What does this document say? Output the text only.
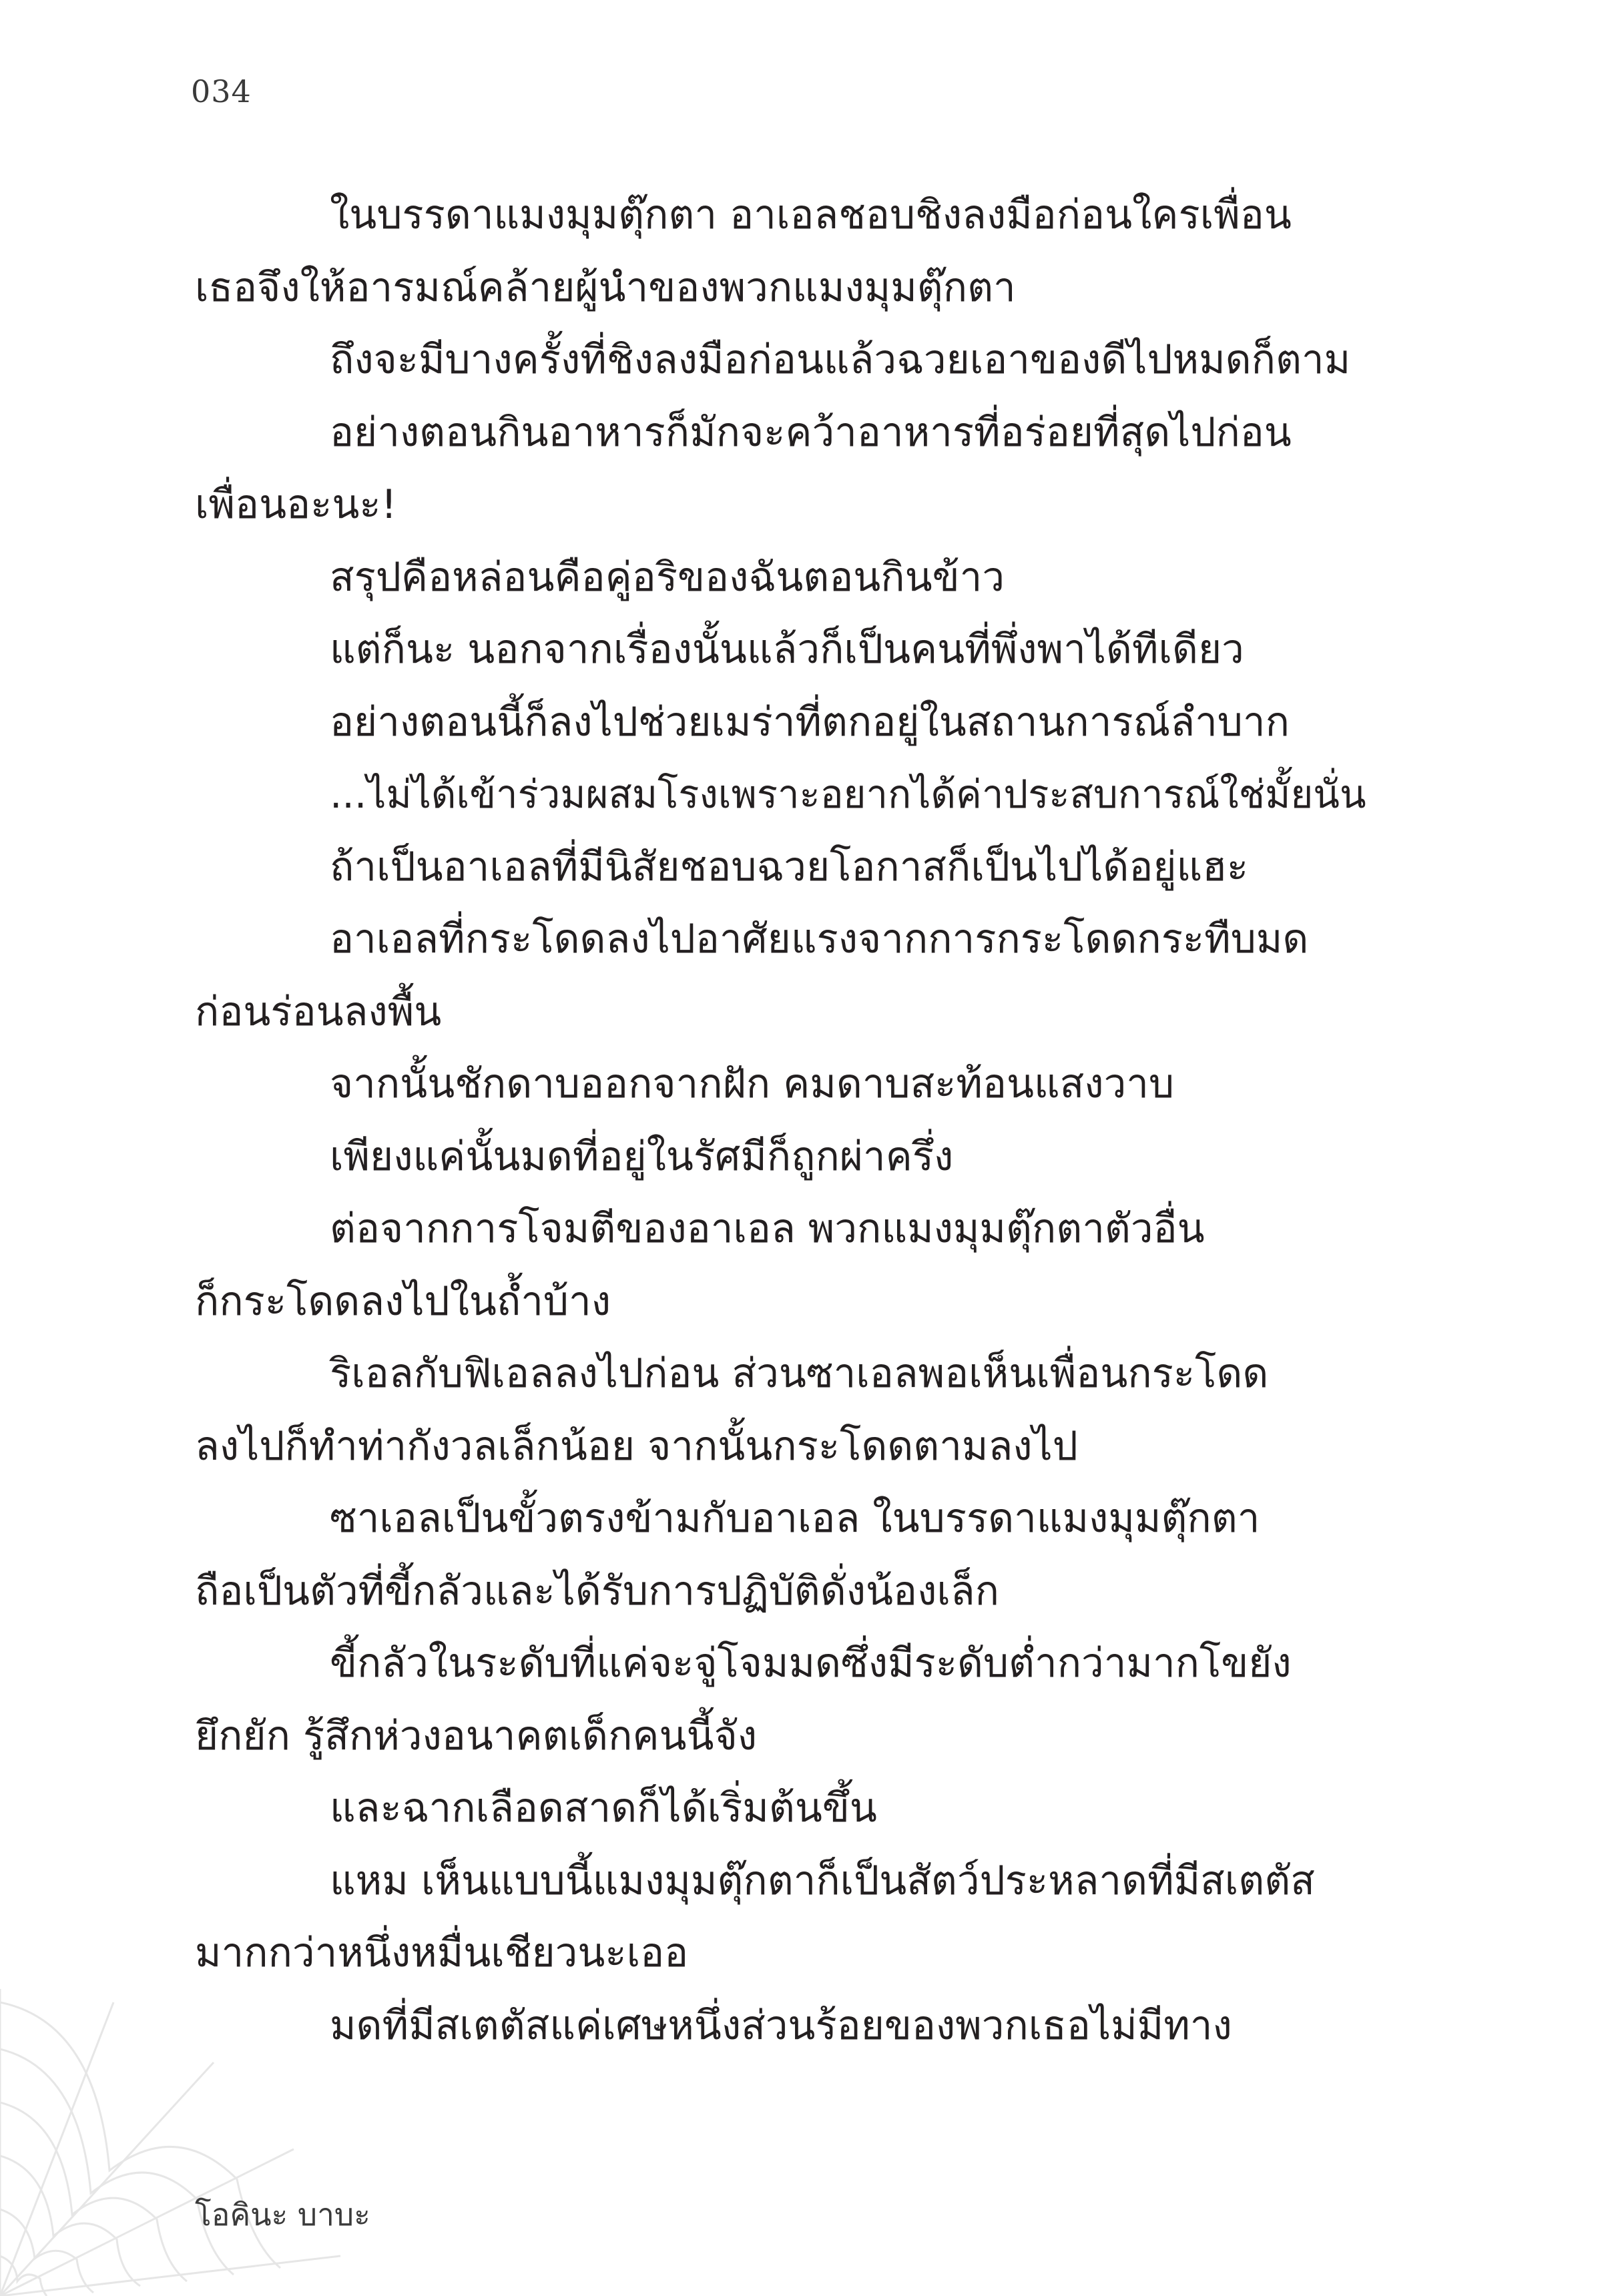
034
ในบรรดาแมงมุมตุ๊กตา อาเอลชอบชิงลงมือก่อนใครเพื่อน
เธอจึงให้อารมณ์คล้ายผู้นำของพวกแมงมุมตุ๊กตา
ถึงจะมีบางครั้งที่ชิงลงมือก่อนแล้วฉวยเอาของดีไปหมดก็ตาม
อย่างตอนกินอาหารก็มักจะคว้าอาหารที่อร่อยที่สุดไปก่อน
เพื่อนอะนะ!
สรุปคือหล่อนคือคู่อริของฉันตอนกินข้าว
แต่ก็นะ นอกจากเรื่องนั้นแล้วก็เป็นคนที่พึ่งพาได้ทีเดียว
อย่างตอนนี้ก็ลงไปช่วยเมร่าที่ตกอยู่ในสถานการณ์ลำบาก
...ไม่ได้เข้าร่วมผสมโรงเพราะอยากได้ค่าประสบการณ์ใช่มั้ยนั่น
ถ้าเป็นอาเอลที่มีนิสัยชอบฉวยโอกาสก็เป็นไปได้อยู่แฮะ
อาเอลที่กระโดดลงไปอาศัยแรงจากการกระโดดกระทืบมด
ก่อนร่อนลงพื้น
จากนั้นชักดาบออกจากฝัก คมดาบสะท้อนแสงวาบ
เพียงแค่นั้นมดที่อยู่ในรัศมีก็ถูกผ่าครึ่ง
ต่อจากการโจมตีของอาเอล พวกแมงมุมตุ๊กตาตัวอื่น
ก็กระโดดลงไปในถ้ำบ้าง
ริเอลกับฟิเอลลงไปก่อน ส่วนซาเอลพอเห็นเพื่อนกระโดด
ลงไปก็ทำท่ากังวลเล็กน้อย จากนั้นกระโดดตามลงไป
ซาเอลเป็นขั้วตรงข้ามกับอาเอล ในบรรดาแมงมุมตุ๊กตา
ถือเป็นตัวที่ขี้กลัวและได้รับการปฏิบัติดั่งน้องเล็ก
ขี้กลัวในระดับที่แค่จะจู่โจมมดซึ่งมีระดับต่ำกว่ามากโขยัง
ยึกยัก รู้สึกห่วงอนาคตเด็กคนนี้จัง
และฉากเลือดสาดก็ได้เริ่มต้นขึ้น
แหม เห็นแบบนี้แมงมุมตุ๊กตาก็เป็นสัตว์ประหลาดที่มีสเตตัส
มากกว่าหนึ่งหมื่นเชียวนะเออ
มดที่มีสเตตัสแค่เศษหนึ่งส่วนร้อยของพวกเธอไม่มีทาง
โอคินะ บาบะ
